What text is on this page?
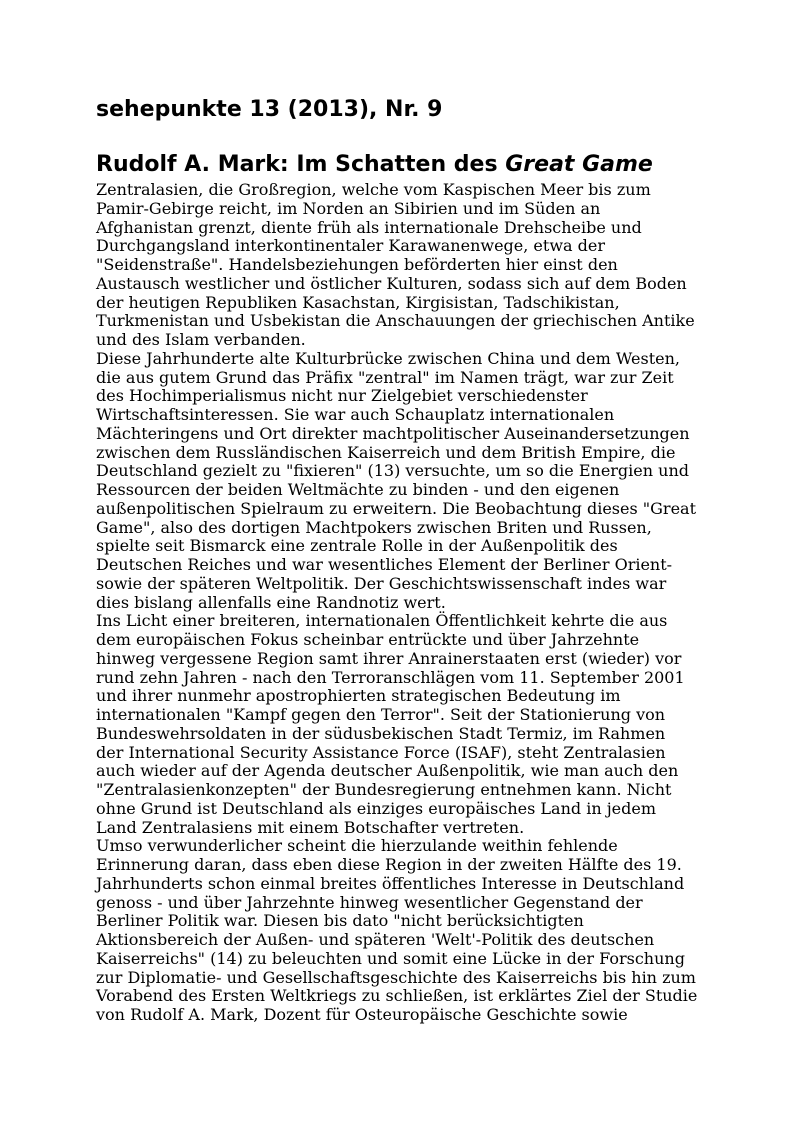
sehepunkte 13 (2013), Nr. 9
Rudolf A. Mark: Im Schatten des Great Game
Zentralasien, die Großregion, welche vom Kaspischen Meer bis zum
Pamir-Gebirge reicht, im Norden an Sibirien und im Süden an
Afghanistan grenzt, diente früh als internationale Drehscheibe und
Durchgangsland interkontinentaler Karawanenwege, etwa der
"Seidenstraße". Handelsbeziehungen beförderten hier einst den
Austausch westlicher und östlicher Kulturen, sodass sich auf dem Boden
der heutigen Republiken Kasachstan, Kirgisistan, Tadschikistan,
Turkmenistan und Usbekistan die Anschauungen der griechischen Antike
und des Islam verbanden.
Diese Jahrhunderte alte Kulturbrücke zwischen China und dem Westen,
die aus gutem Grund das Präfix "zentral" im Namen trägt, war zur Zeit
des Hochimperialismus nicht nur Zielgebiet verschiedenster
Wirtschaftsinteressen. Sie war auch Schauplatz internationalen
Mächteringens und Ort direkter machtpolitischer Auseinandersetzungen
zwischen dem Russländischen Kaiserreich und dem British Empire, die
Deutschland gezielt zu "fixieren" (13) versuchte, um so die Energien und
Ressourcen der beiden Weltmächte zu binden - und den eigenen
außenpolitischen Spielraum zu erweitern. Die Beobachtung dieses "Great
Game", also des dortigen Machtpokers zwischen Briten und Russen,
spielte seit Bismarck eine zentrale Rolle in der Außenpolitik des
Deutschen Reiches und war wesentliches Element der Berliner Orient-
sowie der späteren Weltpolitik. Der Geschichtswissenschaft indes war
dies bislang allenfalls eine Randnotiz wert.
Ins Licht einer breiteren, internationalen Öffentlichkeit kehrte die aus
dem europäischen Fokus scheinbar entrückte und über Jahrzehnte
hinweg vergessene Region samt ihrer Anrainerstaaten erst (wieder) vor
rund zehn Jahren - nach den Terroranschlägen vom 11. September 2001
und ihrer nunmehr apostrophierten strategischen Bedeutung im
internationalen "Kampf gegen den Terror". Seit der Stationierung von
Bundeswehrsoldaten in der südusbekischen Stadt Termiz, im Rahmen
der International Security Assistance Force (ISAF), steht Zentralasien
auch wieder auf der Agenda deutscher Außenpolitik, wie man auch den
"Zentralasienkonzepten" der Bundesregierung entnehmen kann. Nicht
ohne Grund ist Deutschland als einziges europäisches Land in jedem
Land Zentralasiens mit einem Botschafter vertreten.
Umso verwunderlicher scheint die hierzulande weithin fehlende
Erinnerung daran, dass eben diese Region in der zweiten Hälfte des 19.
Jahrhunderts schon einmal breites öffentliches Interesse in Deutschland
genoss - und über Jahrzehnte hinweg wesentlicher Gegenstand der
Berliner Politik war. Diesen bis dato "nicht berücksichtigten
Aktionsbereich der Außen- und späteren 'Welt'-Politik des deutschen
Kaiserreichs" (14) zu beleuchten und somit eine Lücke in der Forschung
zur Diplomatie- und Gesellschaftsgeschichte des Kaiserreichs bis hin zum
Vorabend des Ersten Weltkriegs zu schließen, ist erklärtes Ziel der Studie
von Rudolf A. Mark, Dozent für Osteuropäische Geschichte sowie
